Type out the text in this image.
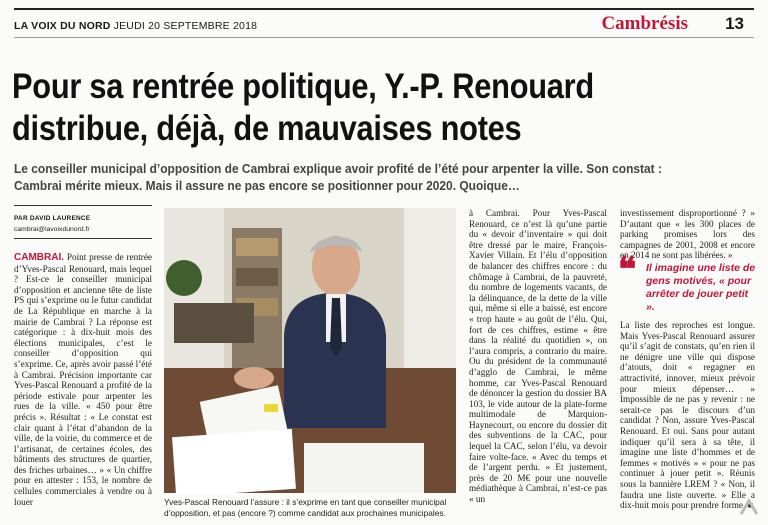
LA VOIX DU NORD JEUDI 20 SEPTEMBRE 2018	Cambrésis 13
Pour sa rentrée politique, Y.-P. Renouard distribue, déjà, de mauvaises notes

Le conseiller municipal d’opposition de Cambrai explique avoir profité de l’été pour arpenter la ville. Son constat : Cambrai mérite mieux. Mais il assure ne pas encore se positionner pour 2020. Quoique…

PAR DAVID LAURENCE
cambrai@lavoixdunord.fr

CAMBRAI. Point presse de rentrée d’Yves-Pascal Renouard, mais lequel ? Est-ce le conseiller municipal d’opposition et ancienne tête de liste PS qui s’exprime ou le futur candidat de La République en marche à la mairie de Cambrai ? La réponse est catégorique : à dix-huit mois des élections municipales, c’est le conseiller d’opposition qui s’exprime. Ce, après avoir passé l’été à Cambrai. Précision importante car Yves-Pascal Renouard a profité de la période estivale pour arpenter les rues de la ville. « 450 pour être précis ». Résultat : « Le constat est clair quant à l’état d’abandon de la ville, de la voirie, du commerce et de l’artisanat, de certaines écoles, des bâtiments des structures de quartier, des friches urbaines… » « Un chiffre pour en attester : 153, le nombre de cellules commerciales à vendre ou à louer	Yves-Pascal Renouard l’assure : il s’exprime en tant que conseiller municipal d’opposition, et pas (encore ?) comme candidat aux prochaines municipales.

à Cambrai. Pour Yves-Pascal Renouard, ce n’est là qu’une partie du « devoir d’inventaire » qui doit être dressé par le maire, François-Xavier Villain. Et l’élu d’opposition de balancer des chiffres encore : du chômage à Cambrai, de la pauvreté, du nombre de logements vacants, de la délinquance, de la dette de la ville qui, même si elle a baissé, est encore « trop haute » au goût de l’élu. Qui, fort de ces chiffres, estime « être dans la réalité du quotidien », on l’aura compris, a contrario du maire. Ou du président de la communauté d’agglo de Cambrai, le même homme, car Yves-Pascal Renouard de dénoncer la gestion du dossier BA 103, le vide autour de la plate-forme multimodale de Marquion-Haynecourt, ou encore du dossier dit des subventions de la CAC, pour lequel la CAC, selon l’élu, va devoir faire volte-face. « Avec du temps et de l’argent perdu. » Et justement, près de 20 M€ pour une nouvelle médiathèque à Cambrai, n’est-ce pas « un

investissement disproportionné ? » D’autant que « les 300 places de parking promises lors des campagnes de 2001, 2008 et encore en 2014 ne sont pas libérées. »

❝ Il imagine une liste de gens motivés, « pour arrêter de jouer petit ».

La liste des reproches est longue. Mais Yves-Pascal Renouard assurer qu’il s’agit de constats, qu’en rien il ne dénigre une ville qui dispose d’atouts, doit « regagner en attractivité, innover, mieux prévoir pour mieux dépenser… » Impossible de ne pas y revenir : ne serait-ce pas le discours d’un candidat ? Non, assure Yves-Pascal Renouard. Et oui. Sans pour autant indiquer qu’il sera à sa tête, il imagine une liste d’hommes et de femmes « motivés » « pour ne pas continuer à jouer petit ». Réunis sous la bannière LREM ? « Non, il faudra une liste ouverte. » Elle a dix-huit mois pour prendre forme. ■
